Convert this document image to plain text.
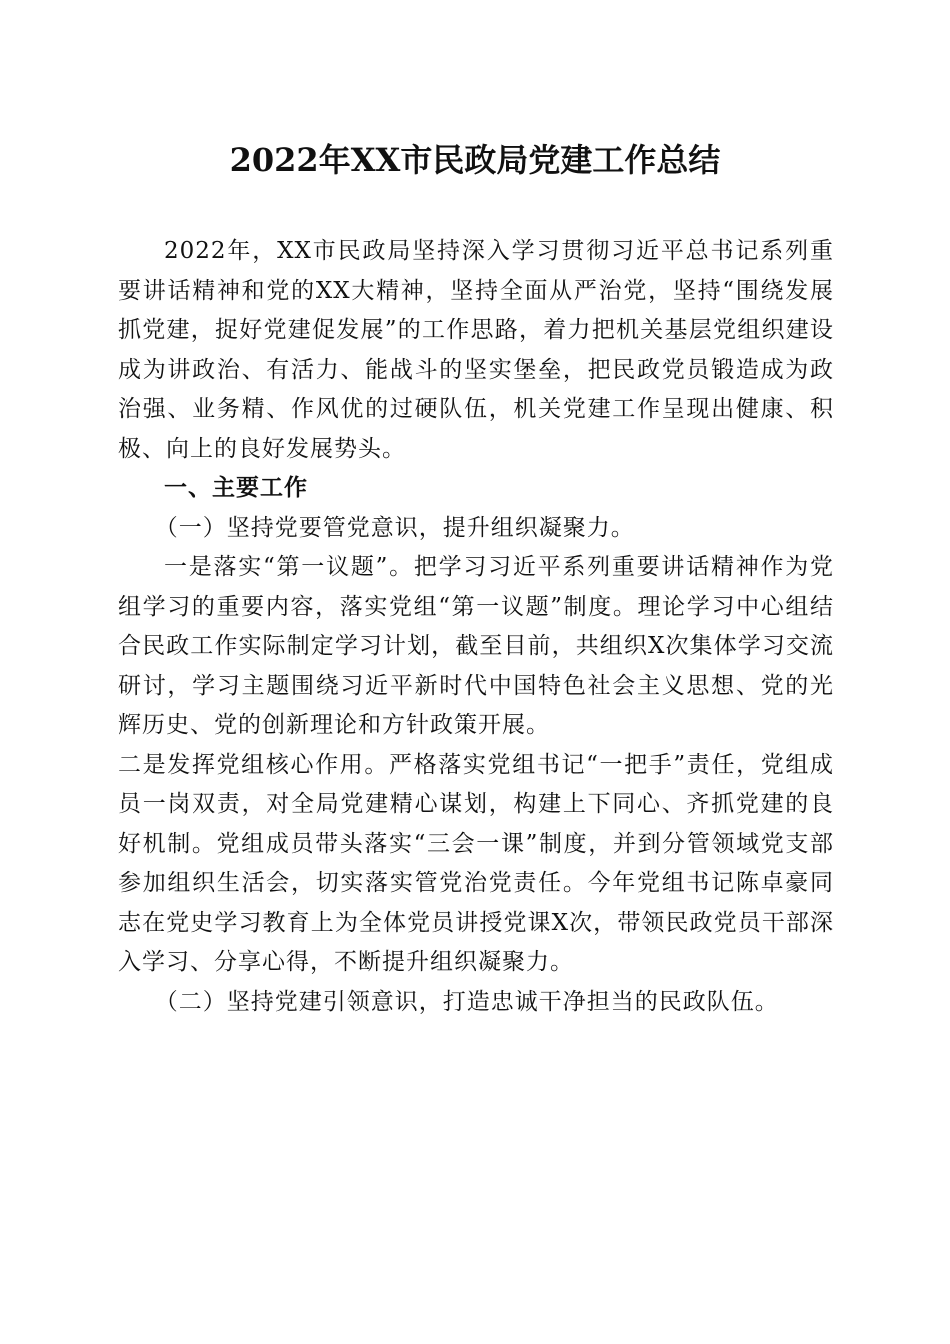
2022年XX市民政局党建工作总结

2022年，XX市民政局坚持深入学习贯彻习近平总书记系列重要讲话精神和党的XX大精神，坚持全面从严治党，坚持“围绕发展抓党建，捉好党建促发展”的工作思路，着力把机关基层党组织建设成为讲政治、有活力、能战斗的坚实堡垒，把民政党员锻造成为政治强、业务精、作风优的过硬队伍，机关党建工作呈现出健康、积极、向上的良好发展势头。

一、主要工作

（一）坚持党要管党意识，提升组织凝聚力。

一是落实“第一议题”。把学习习近平系列重要讲话精神作为党组学习的重要内容，落实党组“第一议题”制度。理论学习中心组结合民政工作实际制定学习计划，截至目前，共组织X次集体学习交流研讨，学习主题围绕习近平新时代中国特色社会主义思想、党的光辉历史、党的创新理论和方针政策开展。

二是发挥党组核心作用。严格落实党组书记“一把手”责任，党组成员一岗双责，对全局党建精心谋划，构建上下同心、齐抓党建的良好机制。党组成员带头落实“三会一课”制度，并到分管领域党支部参加组织生活会，切实落实管党治党责任。今年党组书记陈卓豪同志在党史学习教育上为全体党员讲授党课X次，带领民政党员干部深入学习、分享心得，不断提升组织凝聚力。

（二）坚持党建引领意识，打造忠诚干净担当的民政队伍。
